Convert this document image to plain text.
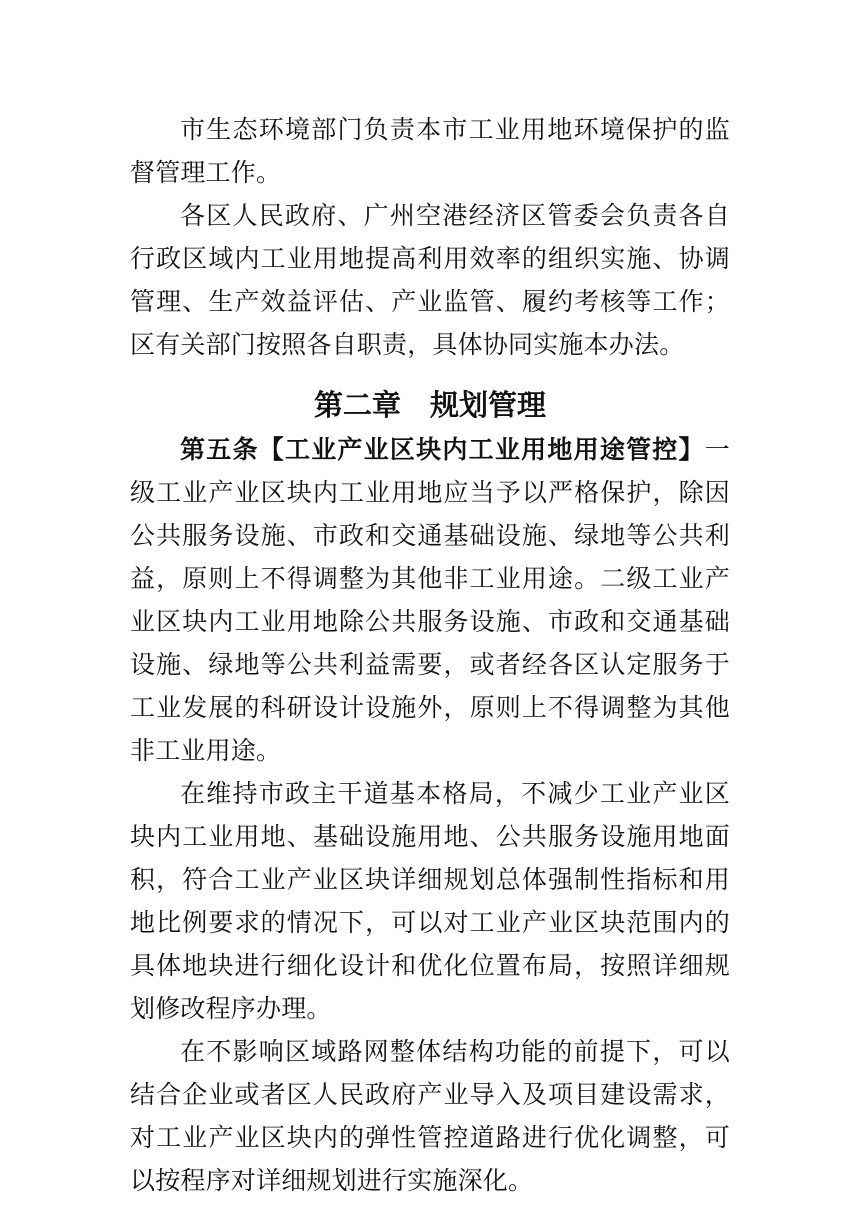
市生态环境部门负责本市工业用地环境保护的监督管理工作。

各区人民政府、广州空港经济区管委会负责各自行政区域内工业用地提高利用效率的组织实施、协调管理、生产效益评估、产业监管、履约考核等工作；区有关部门按照各自职责，具体协同实施本办法。

第二章　规划管理

第五条【工业产业区块内工业用地用途管控】一级工业产业区块内工业用地应当予以严格保护，除因公共服务设施、市政和交通基础设施、绿地等公共利益，原则上不得调整为其他非工业用途。二级工业产业区块内工业用地除公共服务设施、市政和交通基础设施、绿地等公共利益需要，或者经各区认定服务于工业发展的科研设计设施外，原则上不得调整为其他非工业用途。

在维持市政主干道基本格局，不减少工业产业区块内工业用地、基础设施用地、公共服务设施用地面积，符合工业产业区块详细规划总体强制性指标和用地比例要求的情况下，可以对工业产业区块范围内的具体地块进行细化设计和优化位置布局，按照详细规划修改程序办理。

在不影响区域路网整体结构功能的前提下，可以结合企业或者区人民政府产业导入及项目建设需求，对工业产业区块内的弹性管控道路进行优化调整，可以按程序对详细规划进行实施深化。
